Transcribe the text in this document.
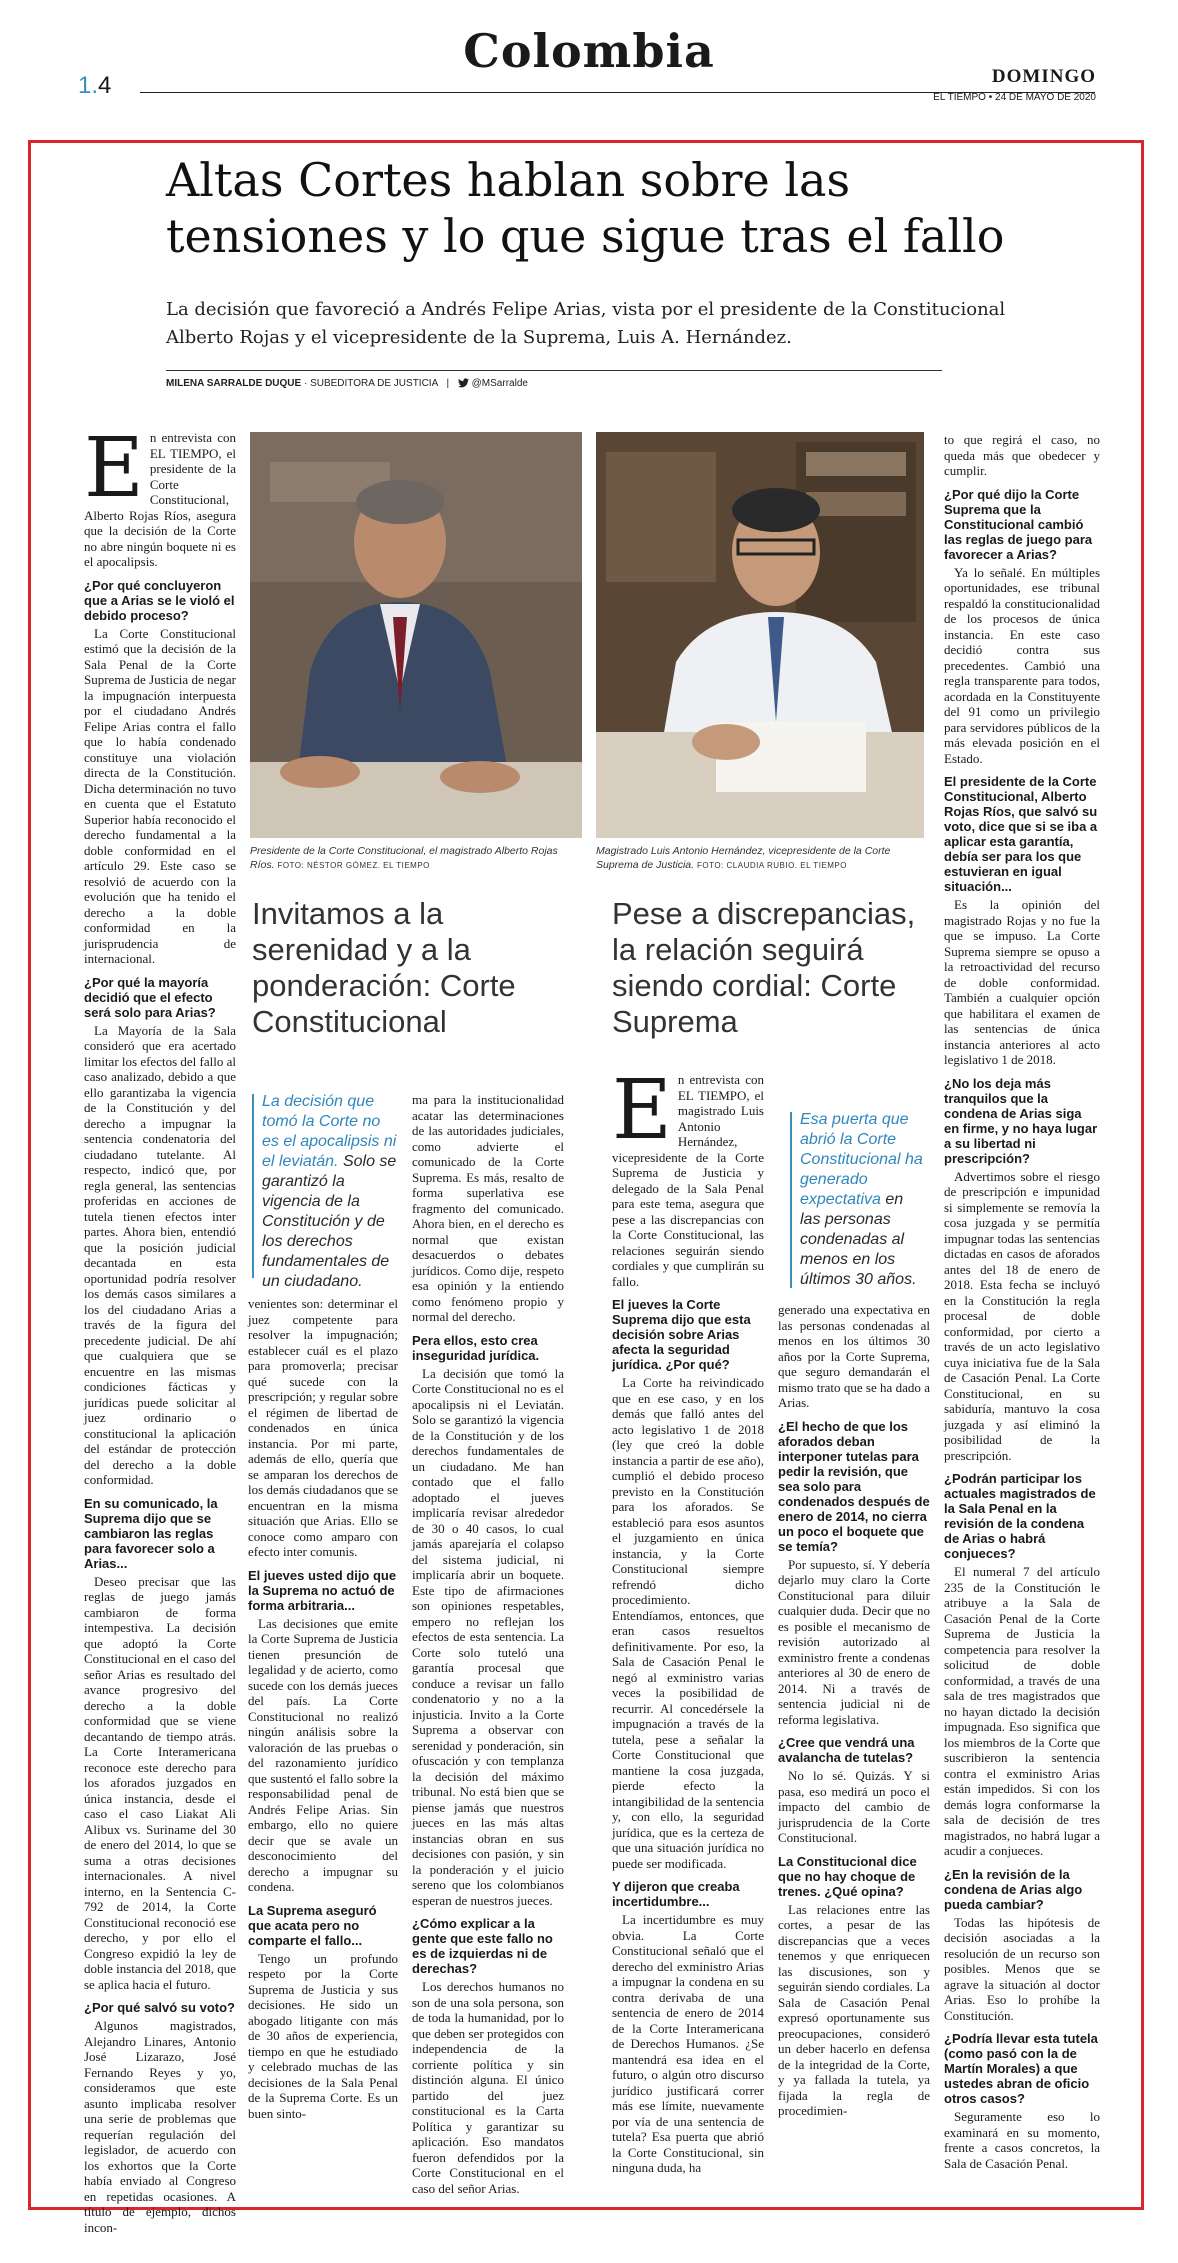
1.4
Colombia	DOMINGO
EL TIEMPO • 24 DE MAYO DE 2020
Altas Cortes hablan sobre las tensiones y lo que sigue tras el fallo
La decisión que favoreció a Andrés Felipe Arias, vista por el presidente de la Constitucional Alberto Rojas y el vicepresidente de la Suprema, Luis A. Hernández.
MILENA SARRALDE DUQUE · SUBEDITORA DE JUSTICIA | @MSarralde
E n entrevista con EL TIEMPO, el presidente de la Corte Constitucional, Alberto Rojas Ríos, asegura que la decisión de la Corte no abre ningún boquete ni es el apocalipsis.

¿Por qué concluyeron que a Arias se le violó el debido proceso?

La Corte Constitucional estimó que la decisión de la Sala Penal de la Corte Suprema de Justicia de negar la impugnación interpuesta por el ciudadano Andrés Felipe Arias contra el fallo que lo había condenado constituye una violación directa de la Constitución. Dicha determinación no tuvo en cuenta que el Estatuto Superior había reconocido el derecho fundamental a la doble conformidad en el artículo 29. Este caso se resolvió de acuerdo con la evolución que ha tenido el derecho a la doble conformidad en la jurisprudencia de internacional.

¿Por qué la mayoría decidió que el efecto será solo para Arias?

La Mayoría de la Sala consideró que era acertado limitar los efectos del fallo al caso analizado, debido a que ello garantizaba la vigencia de la Constitución y del derecho a impugnar la sentencia condenatoria del ciudadano tutelante. Al respecto, indicó que, por regla general, las sentencias proferidas en acciones de tutela tienen efectos inter partes. Ahora bien, entendió que la posición judicial decantada en esta oportunidad podría resolver los demás casos similares a los del ciudadano Arias a través de la figura del precedente judicial. De ahí que cualquiera que se encuentre en las mismas condiciones fácticas y jurídicas puede solicitar al juez ordinario o constitucional la aplicación del estándar de protección del derecho a la doble conformidad.

En su comunicado, la Suprema dijo que se cambiaron las reglas para favorecer solo a Arias...

Deseo precisar que las reglas de juego jamás cambiaron de forma intempestiva. La decisión que adoptó la Corte Constitucional en el caso del señor Arias es resultado del avance progresivo del derecho a la doble conformidad que se viene decantando de tiempo atrás. La Corte Interamericana reconoce este derecho para los aforados juzgados en única instancia, desde el caso el caso Liakat Ali Alibux vs. Suriname del 30 de enero del 2014, lo que se suma a otras decisiones internacionales. A nivel interno, en la Sentencia C-792 de 2014, la Corte Constitucional reconoció ese derecho, y por ello el Congreso expidió la ley de doble instancia del 2018, que se aplica hacia el futuro.

¿Por qué salvó su voto?

Algunos magistrados, Alejandro Linares, Antonio José Lizarazo, José Fernando Reyes y yo, consideramos que este asunto implicaba resolver una serie de problemas que requerían regulación del legislador, de acuerdo con los exhortos que la Corte había enviado al Congreso en repetidas ocasiones. A título de ejemplo, dichos incon-

Presidente de la Corte Constitucional, el magistrado Alberto Rojas Ríos. FOTO: NÉSTOR GÓMEZ. EL TIEMPO
Magistrado Luis Antonio Hernández, vicepresidente de la Corte Suprema de Justicia. FOTO: CLAUDIA RUBIO. EL TIEMPO
Invitamos a la serenidad y a la ponderación: Corte Constitucional
Pese a discrepancias, la relación seguirá siendo cordial: Corte Suprema
La decisión que tomó la Corte no es el apocalipsis ni el leviatán. Solo se garantizó la vigencia de la Constitución y de los derechos fundamentales de un ciudadano.
Esa puerta que abrió la Corte Constitucional ha generado expectativa en las personas condenadas al menos en los últimos 30 años.

venientes son: determinar el juez competente para resolver la impugnación; establecer cuál es el plazo para promoverla; precisar qué sucede con la prescripción; y regular sobre el régimen de libertad de condenados en única instancia. Por mi parte, además de ello, quería que se amparan los derechos de los demás ciudadanos que se encuentran en la misma situación que Arias. Ello se conoce como amparo con efecto inter comunis.

El jueves usted dijo que la Suprema no actuó de forma arbitraria...

Las decisiones que emite la Corte Suprema de Justicia tienen presunción de legalidad y de acierto, como sucede con los demás jueces del país. La Corte Constitucional no realizó ningún análisis sobre la valoración de las pruebas o del razonamiento jurídico que sustentó el fallo sobre la responsabilidad penal de Andrés Felipe Arias. Sin embargo, ello no quiere decir que se avale un desconocimiento del derecho a impugnar su condena.

La Suprema aseguró que acata pero no comparte el fallo...

Tengo un profundo respeto por la Corte Suprema de Justicia y sus decisiones. He sido un abogado litigante con más de 30 años de experiencia, tiempo en que he estudiado y celebrado muchas de las decisiones de la Sala Penal de la Suprema Corte. Es un buen sinto-

ma para la institucionalidad acatar las determinaciones de las autoridades judiciales, como advierte el comunicado de la Corte Suprema. Es más, resalto de forma superlativa ese fragmento del comunicado. Ahora bien, en el derecho es normal que existan desacuerdos o debates jurídicos. Como dije, respeto esa opinión y la entiendo como fenómeno propio y normal del derecho.

Pera ellos, esto crea inseguridad jurídica.

La decisión que tomó la Corte Constitucional no es el apocalipsis ni el Leviatán. Solo se garantizó la vigencia de la Constitución y de los derechos fundamentales de un ciudadano. Me han contado que el fallo adoptado el jueves implicaría revisar alrededor de 30 o 40 casos, lo cual jamás aparejaría el colapso del sistema judicial, ni implicaría abrir un boquete. Este tipo de afirmaciones son opiniones respetables, empero no reflejan los efectos de esta sentencia. La Corte solo tuteló una garantía procesal que conduce a revisar un fallo condenatorio y no a la injusticia. Invito a la Corte Suprema a observar con serenidad y ponderación, sin ofuscación y con templanza la decisión del máximo tribunal. No está bien que se piense jamás que nuestros jueces en las más altas instancias obran en sus decisiones con pasión, y sin la ponderación y el juicio sereno que los colombianos esperan de nuestros jueces.

¿Cómo explicar a la gente que este fallo no es de izquierdas ni de derechas?

Los derechos humanos no son de una sola persona, son de toda la humanidad, por lo que deben ser protegidos con independencia de la corriente política y sin distinción alguna. El único partido del juez constitucional es la Carta Política y garantizar su aplicación. Eso mandatos fueron defendidos por la Corte Constitucional en el caso del señor Arias.

E n entrevista con EL TIEMPO, el magistrado Luis Antonio Hernández, vicepresidente de la Corte Suprema de Justicia y delegado de la Sala Penal para este tema, asegura que pese a las discrepancias con la Corte Constitucional, las relaciones seguirán siendo cordiales y que cumplirán su fallo.

El jueves la Corte Suprema dijo que esta decisión sobre Arias afecta la seguridad jurídica. ¿Por qué?

La Corte ha reivindicado que en ese caso, y en los demás que falló antes del acto legislativo 1 de 2018 (ley que creó la doble instancia a partir de ese año), cumplió el debido proceso previsto en la Constitución para los aforados. Se estableció para esos asuntos el juzgamiento en única instancia, y la Corte Constitucional siempre refrendó dicho procedimiento. Entendíamos, entonces, que eran casos resueltos definitivamente. Por eso, la Sala de Casación Penal le negó al exministro varias veces la posibilidad de recurrir. Al concedérsele la impugnación a través de la tutela, pese a señalar la Corte Constitucional que mantiene la cosa juzgada, pierde efecto la intangibilidad de la sentencia y, con ello, la seguridad jurídica, que es la certeza de que una situación jurídica no puede ser modificada.

Y dijeron que creaba incertidumbre...

La incertidumbre es muy obvia. La Corte Constitucional señaló que el derecho del exministro Arias a impugnar la condena en su contra derivaba de una sentencia de enero de 2014 de la Corte Interamericana de Derechos Humanos. ¿Se mantendrá esa idea en el futuro, o algún otro discurso jurídico justificará correr más ese límite, nuevamente por vía de una sentencia de tutela? Esa puerta que abrió la Corte Constitucional, sin ninguna duda, ha

generado una expectativa en las personas condenadas al menos en los últimos 30 años por la Corte Suprema, que seguro demandarán el mismo trato que se ha dado a Arias.

¿El hecho de que los aforados deban interponer tutelas para pedir la revisión, que sea solo para condenados después de enero de 2014, no cierra un poco el boquete que se temía?

Por supuesto, sí. Y debería dejarlo muy claro la Corte Constitucional para diluir cualquier duda. Decir que no es posible el mecanismo de revisión autorizado al exministro frente a condenas anteriores al 30 de enero de 2014. Ni a través de sentencia judicial ni de reforma legislativa.

¿Cree que vendrá una avalancha de tutelas?

No lo sé. Quizás. Y si pasa, eso medirá un poco el impacto del cambio de jurisprudencia de la Corte Constitucional.

La Constitucional dice que no hay choque de trenes. ¿Qué opina?

Las relaciones entre las cortes, a pesar de las discrepancias que a veces tenemos y que enriquecen las discusiones, son y seguirán siendo cordiales. La Sala de Casación Penal expresó oportunamente sus preocupaciones, consideró un deber hacerlo en defensa de la integridad de la Corte, y ya fallada la tutela, ya fijada la regla de procedimien-

to que regirá el caso, no queda más que obedecer y cumplir.

¿Por qué dijo la Corte Suprema que la Constitucional cambió las reglas de juego para favorecer a Arias?

Ya lo señalé. En múltiples oportunidades, ese tribunal respaldó la constitucionalidad de los procesos de única instancia. En este caso decidió contra sus precedentes. Cambió una regla transparente para todos, acordada en la Constituyente del 91 como un privilegio para servidores públicos de la más elevada posición en el Estado.

El presidente de la Corte Constitucional, Alberto Rojas Ríos, que salvó su voto, dice que si se iba a aplicar esta garantía, debía ser para los que estuvieran en igual situación...

Es la opinión del magistrado Rojas y no fue la que se impuso. La Corte Suprema siempre se opuso a la retroactividad del recurso de doble conformidad. También a cualquier opción que habilitara el examen de las sentencias de única instancia anteriores al acto legislativo 1 de 2018.

¿No los deja más tranquilos que la condena de Arias siga en firme, y no haya lugar a su libertad ni prescripción?

Advertimos sobre el riesgo de prescripción e impunidad si simplemente se removía la cosa juzgada y se permitía impugnar todas las sentencias dictadas en casos de aforados antes del 18 de enero de 2018. Esta fecha se incluyó en la Constitución la regla procesal de doble conformidad, por cierto a través de un acto legislativo cuya iniciativa fue de la Sala de Casación Penal. La Corte Constitucional, en su sabiduría, mantuvo la cosa juzgada y así eliminó la posibilidad de la prescripción.

¿Podrán participar los actuales magistrados de la Sala Penal en la revisión de la condena de Arias o habrá conjueces?

El numeral 7 del artículo 235 de la Constitución le atribuye a la Sala de Casación Penal de la Corte Suprema de Justicia la competencia para resolver la solicitud de doble conformidad, a través de una sala de tres magistrados que no hayan dictado la decisión impugnada. Eso significa que los miembros de la Corte que suscribieron la sentencia contra el exministro Arias están impedidos. Si con los demás logra conformarse la sala de decisión de tres magistrados, no habrá lugar a acudir a conjueces.

¿En la revisión de la condena de Arias algo pueda cambiar?

Todas las hipótesis de decisión asociadas a la resolución de un recurso son posibles. Menos que se agrave la situación al doctor Arias. Eso lo prohíbe la Constitución.

¿Podría llevar esta tutela (como pasó con la de Martín Morales) a que ustedes abran de oficio otros casos?

Seguramente eso lo examinará en su momento, frente a casos concretos, la Sala de Casación Penal.
